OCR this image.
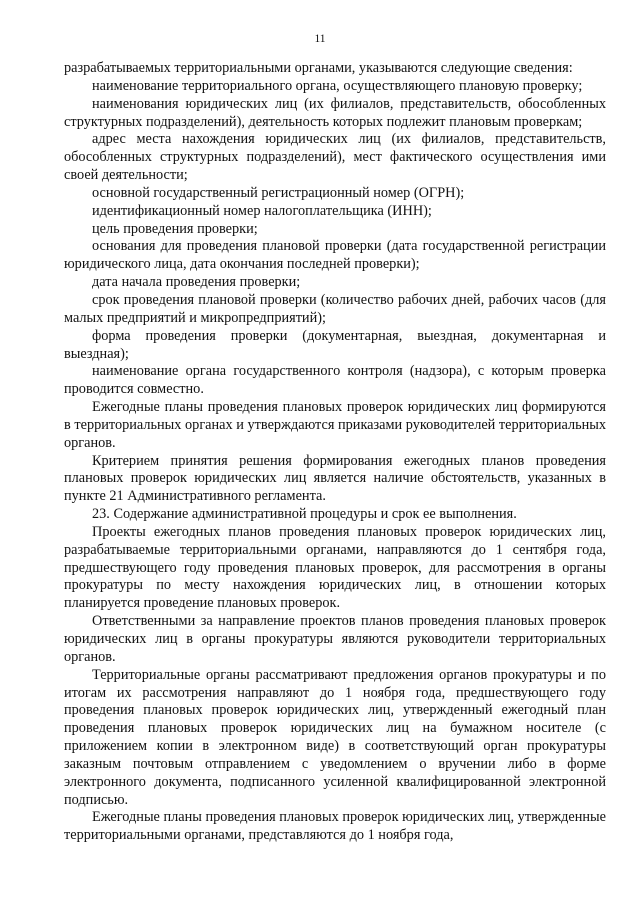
11

разрабатываемых территориальными органами, указываются следующие сведения:

наименование территориального органа, осуществляющего плановую проверку;

наименования юридических лиц (их филиалов, представительств, обособленных структурных подразделений), деятельность которых подлежит плановым проверкам;

адрес места нахождения юридических лиц (их филиалов, представительств, обособленных структурных подразделений), мест фактического осуществления ими своей деятельности;

основной государственный регистрационный номер (ОГРН);

идентификационный номер налогоплательщика (ИНН);

цель проведения проверки;

основания для проведения плановой проверки (дата государственной регистрации юридического лица, дата окончания последней проверки);

дата начала проведения проверки;

срок проведения плановой проверки (количество рабочих дней, рабочих часов (для малых предприятий и микропредприятий);

форма проведения проверки (документарная, выездная, документарная и выездная);

наименование органа государственного контроля (надзора), с которым проверка проводится совместно.

Ежегодные планы проведения плановых проверок юридических лиц формируются в территориальных органах и утверждаются приказами руководителей территориальных органов.

Критерием принятия решения формирования ежегодных планов проведения плановых проверок юридических лиц является наличие обстоятельств, указанных в пункте 21 Административного регламента.

23. Содержание административной процедуры и срок ее выполнения.

Проекты ежегодных планов проведения плановых проверок юридических лиц, разрабатываемые территориальными органами, направляются до 1 сентября года, предшествующего году проведения плановых проверок, для рассмотрения в органы прокуратуры по месту нахождения юридических лиц, в отношении которых планируется проведение плановых проверок.

Ответственными за направление проектов планов проведения плановых проверок юридических лиц в органы прокуратуры являются руководители территориальных органов.

Территориальные органы рассматривают предложения органов прокуратуры и по итогам их рассмотрения направляют до 1 ноября года, предшествующего году проведения плановых проверок юридических лиц, утвержденный ежегодный план проведения плановых проверок юридических лиц на бумажном носителе (с приложением копии в электронном виде) в соответствующий орган прокуратуры заказным почтовым отправлением с уведомлением о вручении либо в форме электронного документа, подписанного усиленной квалифицированной электронной подписью.

Ежегодные планы проведения плановых проверок юридических лиц, утвержденные территориальными органами, представляются до 1 ноября года,
